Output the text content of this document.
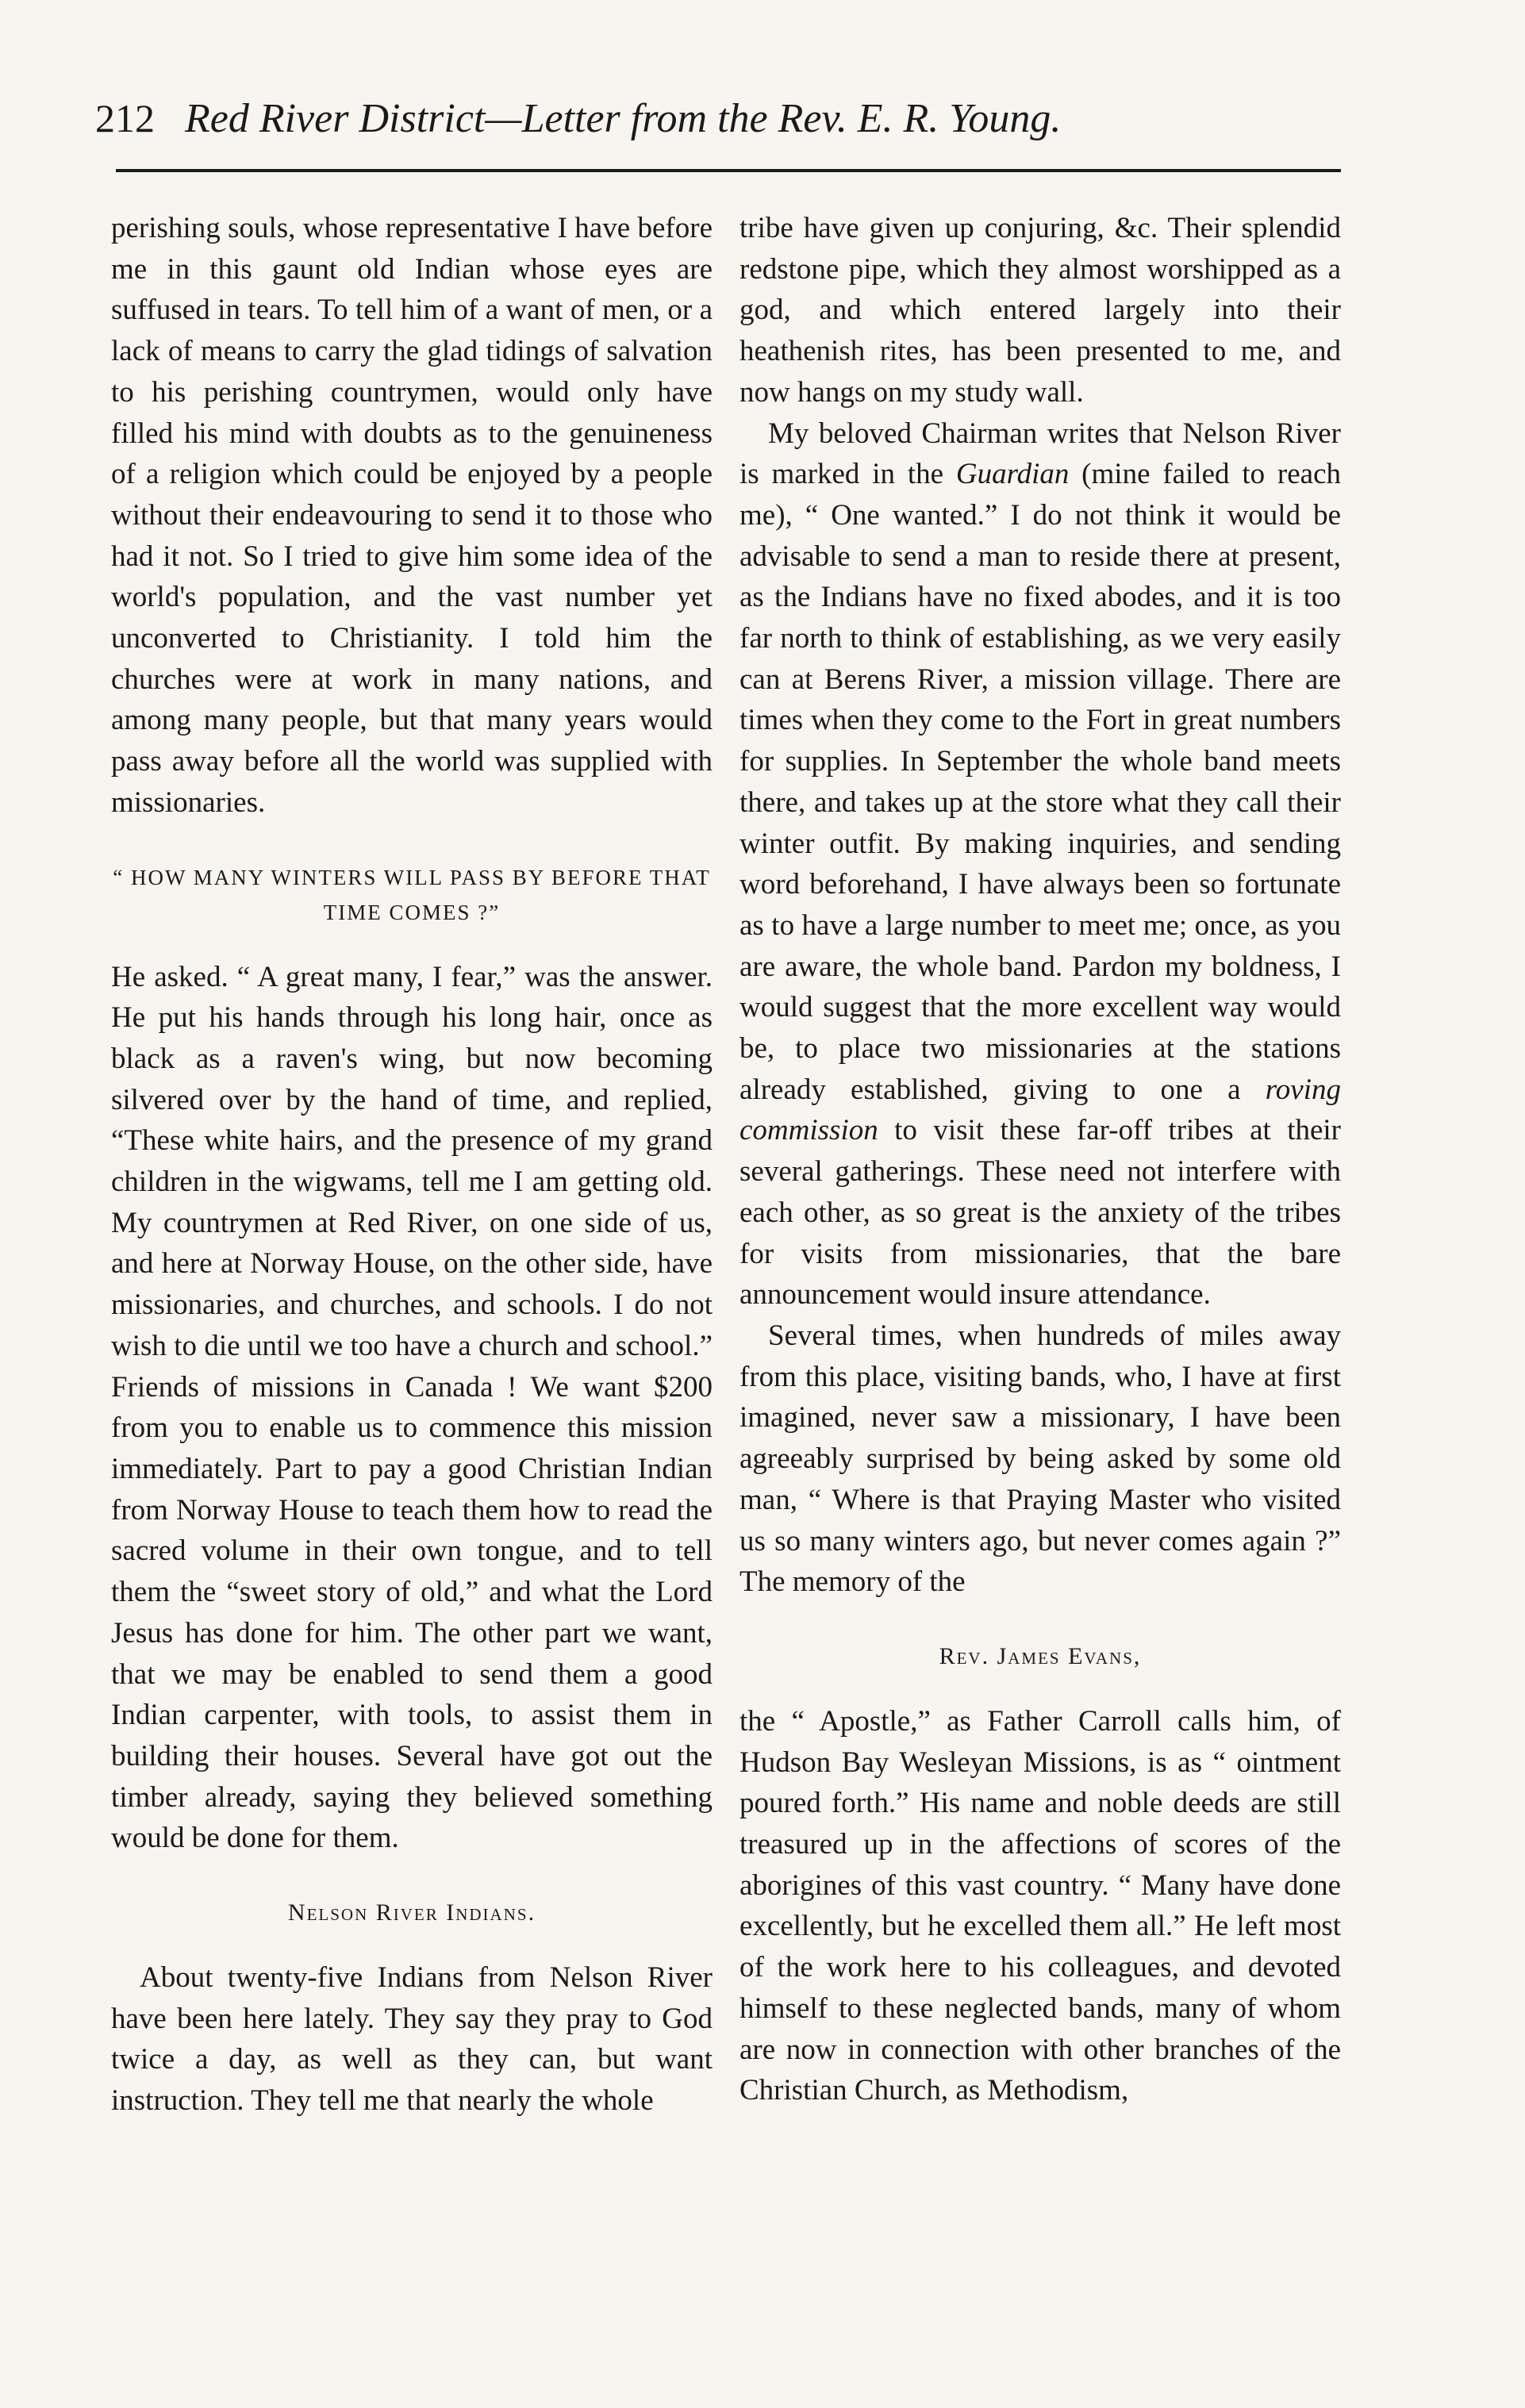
212 Red River District—Letter from the Rev. E. R. Young.

perishing souls, whose representative I have before me in this gaunt old Indian whose eyes are suffused in tears. To tell him of a want of men, or a lack of means to carry the glad tidings of salvation to his perishing countrymen, would only have filled his mind with doubts as to the genuineness of a religion which could be enjoyed by a people without their endeavouring to send it to those who had it not. So I tried to give him some idea of the world's population, and the vast number yet unconverted to Christianity. I told him the churches were at work in many nations, and among many people, but that many years would pass away before all the world was supplied with missionaries.

“ HOW MANY WINTERS WILL PASS BY BEFORE THAT TIME COMES ?”

He asked. “ A great many, I fear,” was the answer. He put his hands through his long hair, once as black as a raven's wing, but now becoming silvered over by the hand of time, and replied, “These white hairs, and the presence of my grand children in the wigwams, tell me I am getting old. My countrymen at Red River, on one side of us, and here at Norway House, on the other side, have missionaries, and churches, and schools. I do not wish to die until we too have a church and school.” Friends of missions in Canada ! We want $200 from you to enable us to commence this mission immediately. Part to pay a good Christian Indian from Norway House to teach them how to read the sacred volume in their own tongue, and to tell them the “sweet story of old,” and what the Lord Jesus has done for him. The other part we want, that we may be enabled to send them a good Indian carpenter, with tools, to assist them in building their houses. Several have got out the timber already, saying they believed something would be done for them.

Nelson River Indians.

About twenty-five Indians from Nelson River have been here lately. They say they pray to God twice a day, as well as they can, but want instruction. They tell me that nearly the whole

tribe have given up conjuring, &c. Their splendid redstone pipe, which they almost worshipped as a god, and which entered largely into their heathenish rites, has been presented to me, and now hangs on my study wall.

My beloved Chairman writes that Nelson River is marked in the Guardian (mine failed to reach me), “ One wanted.” I do not think it would be advisable to send a man to reside there at present, as the Indians have no fixed abodes, and it is too far north to think of establishing, as we very easily can at Berens River, a mission village. There are times when they come to the Fort in great numbers for supplies. In September the whole band meets there, and takes up at the store what they call their winter outfit. By making inquiries, and sending word beforehand, I have always been so fortunate as to have a large number to meet me; once, as you are aware, the whole band. Pardon my boldness, I would suggest that the more excellent way would be, to place two missionaries at the stations already established, giving to one a roving commission to visit these far-off tribes at their several gatherings. These need not interfere with each other, as so great is the anxiety of the tribes for visits from missionaries, that the bare announcement would insure attendance.

Several times, when hundreds of miles away from this place, visiting bands, who, I have at first imagined, never saw a missionary, I have been agreeably surprised by being asked by some old man, “ Where is that Praying Master who visited us so many winters ago, but never comes again ?” The memory of the

Rev. James Evans,

the “ Apostle,” as Father Carroll calls him, of Hudson Bay Wesleyan Missions, is as “ ointment poured forth.” His name and noble deeds are still treasured up in the affections of scores of the aborigines of this vast country. “ Many have done excellently, but he excelled them all.” He left most of the work here to his colleagues, and devoted himself to these neglected bands, many of whom are now in connection with other branches of the Christian Church, as Methodism,
